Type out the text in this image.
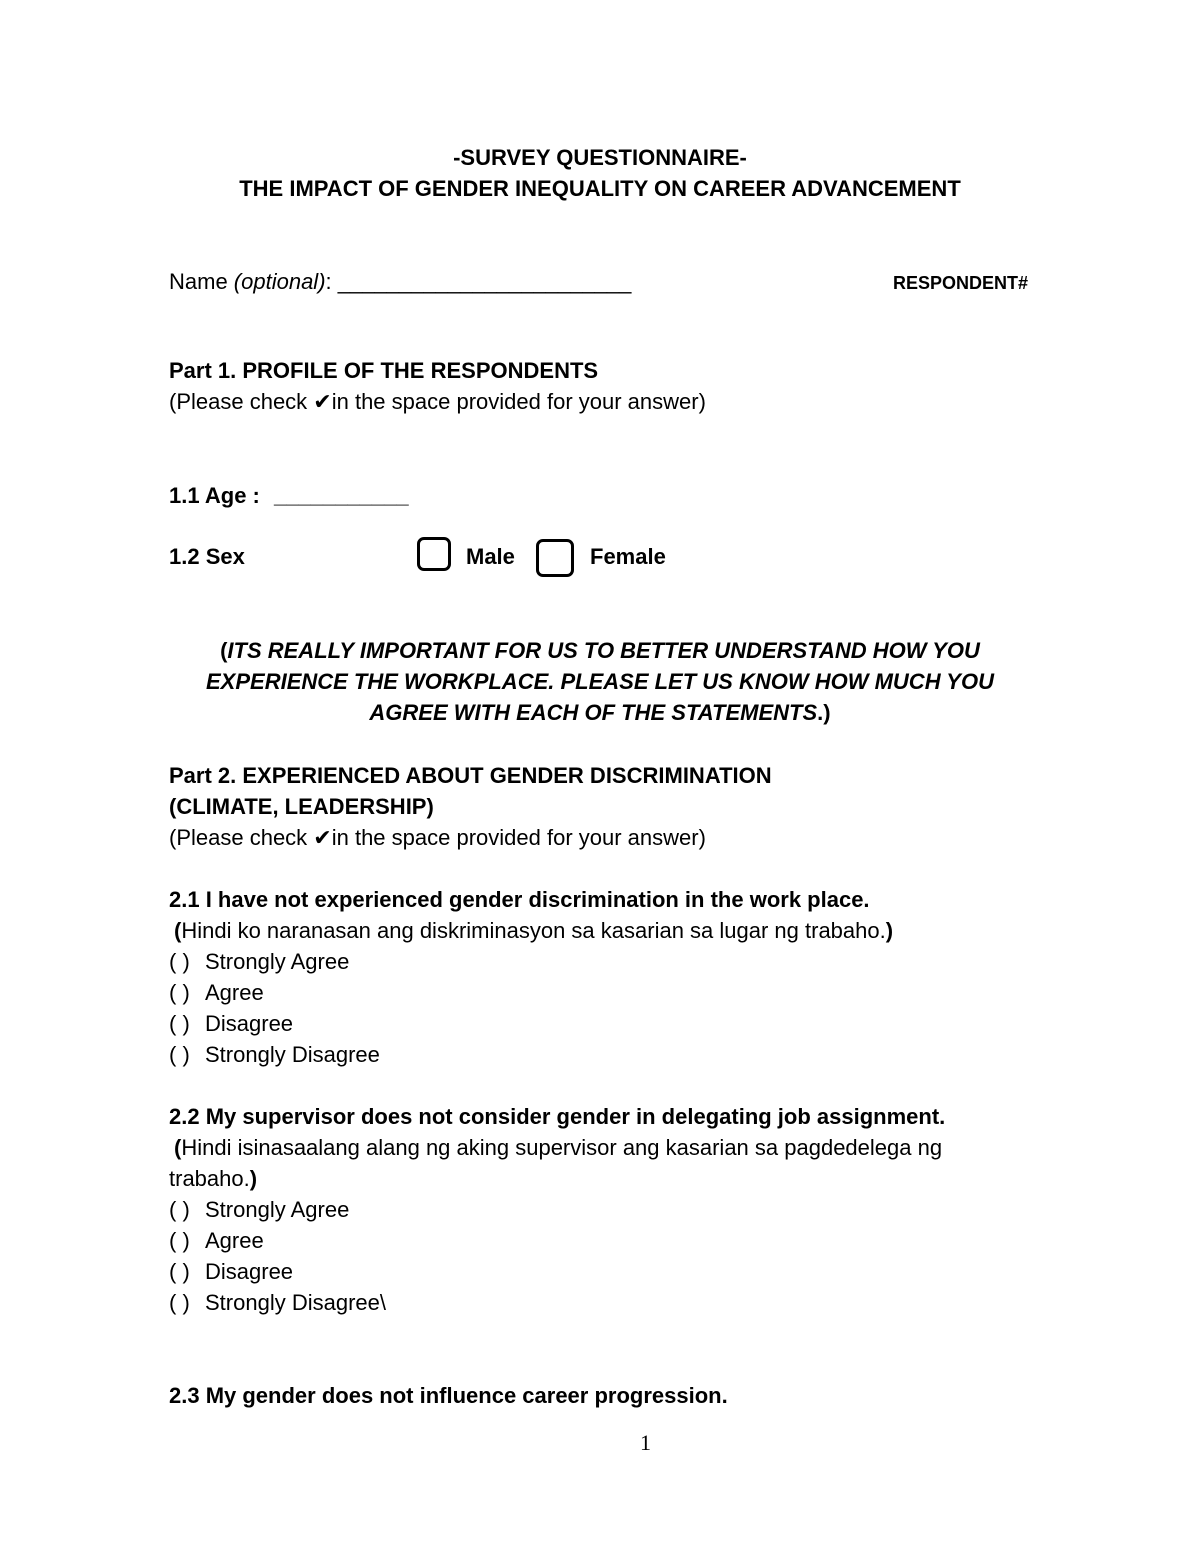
-SURVEY QUESTIONNAIRE-
THE IMPACT OF GENDER INEQUALITY ON CAREER ADVANCEMENT
Name (optional): ________________________	RESPONDENT#
Part 1. PROFILE OF THE RESPONDENTS
(Please check ✔in the space provided for your answer)
1.1 Age : ___________
1.2 Sex	Male	Female
(ITS REALLY IMPORTANT FOR US TO BETTER UNDERSTAND HOW YOU
EXPERIENCE THE WORKPLACE. PLEASE LET US KNOW HOW MUCH YOU
AGREE WITH EACH OF THE STATEMENTS.)
Part 2. EXPERIENCED ABOUT GENDER DISCRIMINATION
(CLIMATE, LEADERSHIP)
(Please check ✔in the space provided for your answer)
2.1 I have not experienced gender discrimination in the work place.
(Hindi ko naranasan ang diskriminasyon sa kasarian sa lugar ng trabaho.)
( ) Strongly Agree
( ) Agree
( ) Disagree
( ) Strongly Disagree
2.2 My supervisor does not consider gender in delegating job assignment.
(Hindi isinasaalang alang ng aking supervisor ang kasarian sa pagdedelega ng
trabaho.)
( ) Strongly Agree
( ) Agree
( ) Disagree
( ) Strongly Disagree\
2.3 My gender does not influence career progression.
1
